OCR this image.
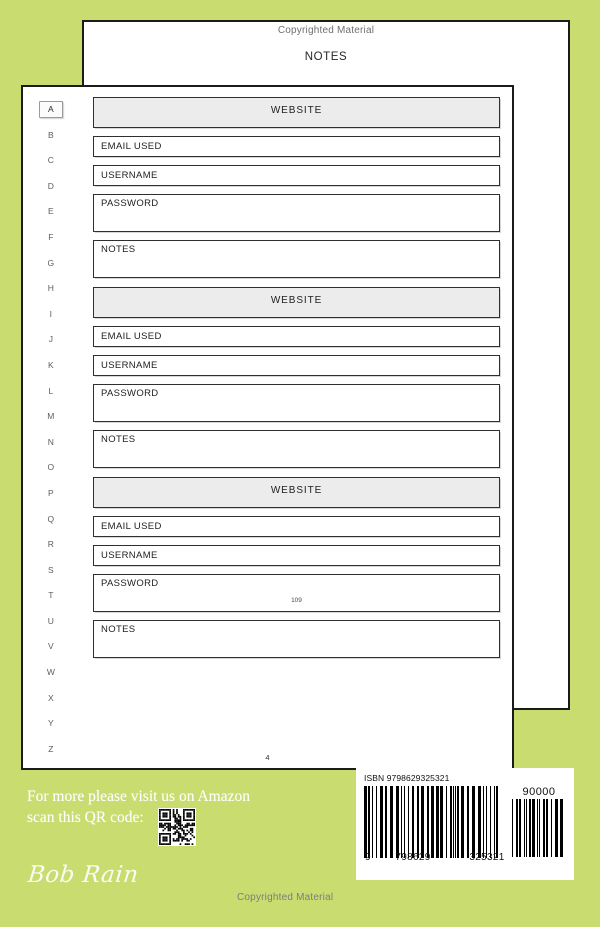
Copyrighted Material
NOTES
A
B
C
D
E
F
G
H
I
J
K
L
M
N
O
P
Q
R
S
T
U
V
W
X
Y
Z
WEBSITE
EMAIL USED
USERNAME
PASSWORD
NOTES
WEBSITE
EMAIL USED
USERNAME
PASSWORD
NOTES
WEBSITE
EMAIL USED
USERNAME
PASSWORD
109
NOTES
4
For more please visit us on Amazon
scan this QR code:
Bob Rain
Copyrighted Material
ISBN 9798629325321
90000
9	798629	325321
